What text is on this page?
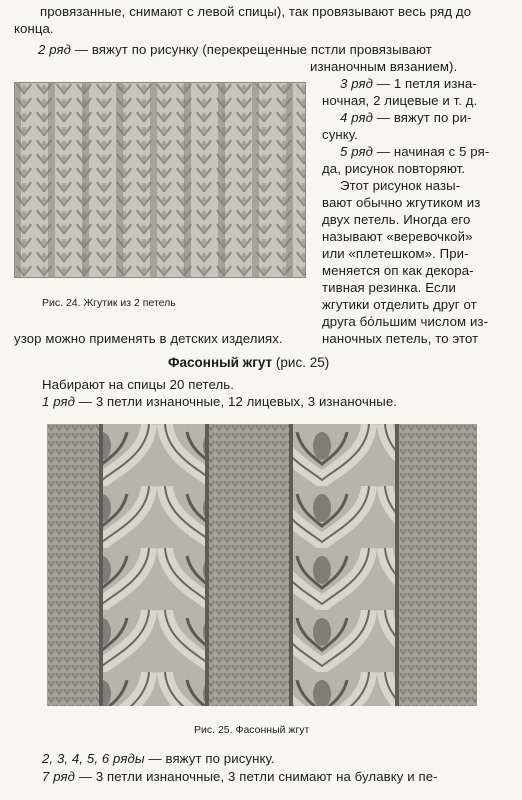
провязанные, снимают с левой спицы), так провязывают весь ряд до

конца.

2 ряд — вяжут по рисунку (перекрещенные пстли провязывают

изнаночным вязанием).

3 ряд — 1 петля изна-

ночная, 2 лицевые и т. д.

4 ряд — вяжут по ри-

сунку.

5 ряд — начиная с 5 ря-

да, рисунок повторяют.

Этот рисунок назы-

вают обычно жгутиком из

двух петель. Иногда его

называют «веревочкой»

или «плетешком». При-

меняется оп как декора-

тивная резинка. Если

жгутики отделить друг от

друга бо́льшим числом из-

наночных петель, то этот

Рис. 24. Жгутик из 2 петель

узор можно применять в детских изделиях.

Фасонный жгут (рис. 25)

Набирают на спицы 20 петель.

1 ряд — 3 петли изнаночные, 12 лицевых, 3 изнаночные.

Рис. 25. Фасонный жгут

2, 3, 4, 5, 6 ряды — вяжут по рисунку.

7 ряд — 3 петли изнаночные, 3 петли снимают на булавку и пе-
